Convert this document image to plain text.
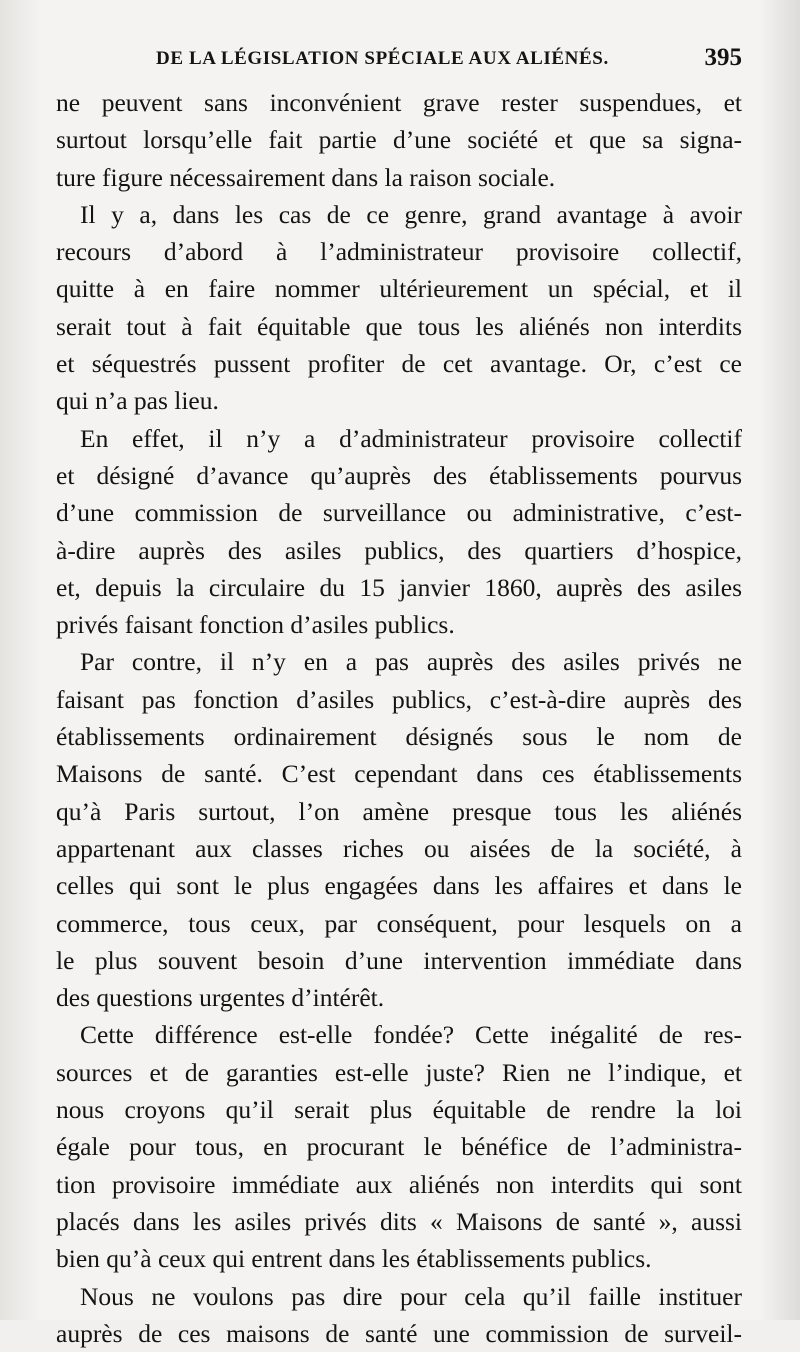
DE LA LÉGISLATION SPÉCIALE AUX ALIÉNÉS.	395
ne peuvent sans inconvénient grave rester suspendues, et
surtout lorsqu’elle fait partie d’une société et que sa signa-
ture figure nécessairement dans la raison sociale.
Il y a, dans les cas de ce genre, grand avantage à avoir
recours d’abord à l’administrateur provisoire collectif,
quitte à en faire nommer ultérieurement un spécial, et il
serait tout à fait équitable que tous les aliénés non interdits
et séquestrés pussent profiter de cet avantage. Or, c’est ce
qui n’a pas lieu.
En effet, il n’y a d’administrateur provisoire collectif
et désigné d’avance qu’auprès des établissements pourvus
d’une commission de surveillance ou administrative, c’est-
à-dire auprès des asiles publics, des quartiers d’hospice,
et, depuis la circulaire du 15 janvier 1860, auprès des asiles
privés faisant fonction d’asiles publics.
Par contre, il n’y en a pas auprès des asiles privés ne
faisant pas fonction d’asiles publics, c’est-à-dire auprès des
établissements ordinairement désignés sous le nom de
Maisons de santé. C’est cependant dans ces établissements
qu’à Paris surtout, l’on amène presque tous les aliénés
appartenant aux classes riches ou aisées de la société, à
celles qui sont le plus engagées dans les affaires et dans le
commerce, tous ceux, par conséquent, pour lesquels on a
le plus souvent besoin d’une intervention immédiate dans
des questions urgentes d’intérêt.
Cette différence est-elle fondée? Cette inégalité de res-
sources et de garanties est-elle juste? Rien ne l’indique, et
nous croyons qu’il serait plus équitable de rendre la loi
égale pour tous, en procurant le bénéfice de l’administra-
tion provisoire immédiate aux aliénés non interdits qui sont
placés dans les asiles privés dits « Maisons de santé », aussi
bien qu’à ceux qui entrent dans les établissements publics.
Nous ne voulons pas dire pour cela qu’il faille instituer
auprès de ces maisons de santé une commission de surveil-
